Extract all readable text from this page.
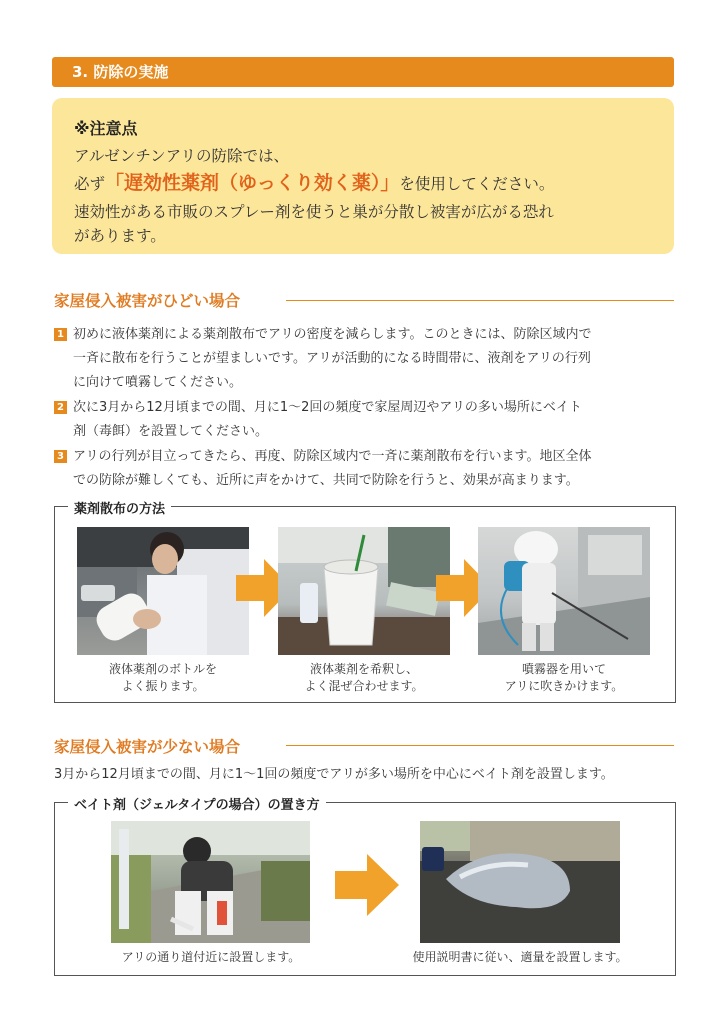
3. 防除の実施
※注意点
アルゼンチンアリの防除では、
必ず「遅効性薬剤（ゆっくり効く薬）」を使用してください。
速効性がある市販のスプレー剤を使うと巣が分散し被害が広がる恐れ
があります。
家屋侵入被害がひどい場合
1 初めに液体薬剤による薬剤散布でアリの密度を減らします。このときには、防除区域内で
一斉に散布を行うことが望ましいです。アリが活動的になる時間帯に、液剤をアリの行列
に向けて噴霧してください。
2 次に3月から12月頃までの間、月に1〜2回の頻度で家屋周辺やアリの多い場所にベイト
剤（毒餌）を設置してください。
3 アリの行列が目立ってきたら、再度、防除区域内で一斉に薬剤散布を行います。地区全体
での防除が難しくても、近所に声をかけて、共同で防除を行うと、効果が高まります。
薬剤散布の方法
液体薬剤のボトルを
よく振ります。
液体薬剤を希釈し、
よく混ぜ合わせます。
噴霧器を用いて
アリに吹きかけます。
家屋侵入被害が少ない場合
3月から12月頃までの間、月に1〜1回の頻度でアリが多い場所を中心にベイト剤を設置します。
ベイト剤（ジェルタイプの場合）の置き方
アリの通り道付近に設置します。	使用説明書に従い、適量を設置します。
